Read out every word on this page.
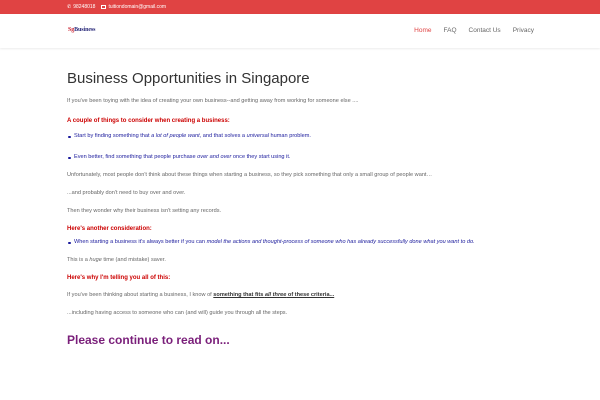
✆ 98248018	tuitiondomain@gmail.com
SgBusiness	Home FAQ Contact Us Privacy
Business Opportunities in Singapore

If you've been toying with the idea of creating your own business--and getting away from working for someone else ....

A couple of things to consider when creating a business:

Start by finding something that a lot of people want, and that solves a universal human problem.
Even better, find something that people purchase over and over once they start using it.

Unfortunately, most people don't think about these things when starting a business, so they pick something that only a small group of people want…

...and probably don't need to buy over and over.

Then they wonder why their business isn't setting any records.

Here's another consideration:

When starting a business it's always better if you can model the actions and thought-process of someone who has already successfully done what you want to do.

This is a huge time (and mistake) saver.

Here's why I'm telling you all of this:

If you've been thinking about starting a business, I know of something that fits all three of these criteria...

...including having access to someone who can (and will) guide you through all the steps.

Please continue to read on...
